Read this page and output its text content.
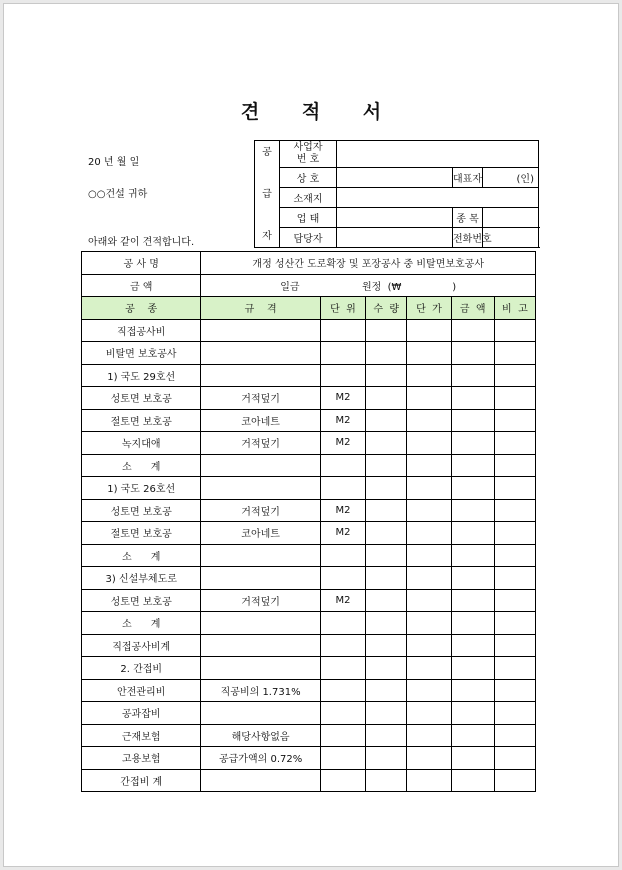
견 적 서
20 년 월 일
○○건설 귀하
아래와 같이 견적합니다.
공

급

자	사업자
번 호			
	상 호		대표자	(인)
	소재지			
	업 태		종 목	
	담당자		전화번호	
공 사 명	개정 성산간 도로확장 및 포장공사 중 비탈면보호공사					
금 액	일금 원정  (₩                )					
공    종	규    격	단  위	수  량	단  가	금  액	비  고
직접공사비						
비탈면 보호공사						
1) 국도 29호선						
성토면 보호공	거적덮기	M2				
절토면 보호공	코아네트	M2				
녹지대애	거적덮기	M2				
소      계						
1) 국도 26호선						
성토면 보호공	거적덮기	M2				
절토면 보호공	코아네트	M2				
소      계						
3) 신설부체도로						
성토면 보호공	거적덮기	M2				
소      계						
직접공사비계						
2. 간접비						
안전관리비	직공비의 1.731%					
공과잡비						
근재보험	해당사항없음					
고용보험	공급가액의 0.72%					
간접비 계						
